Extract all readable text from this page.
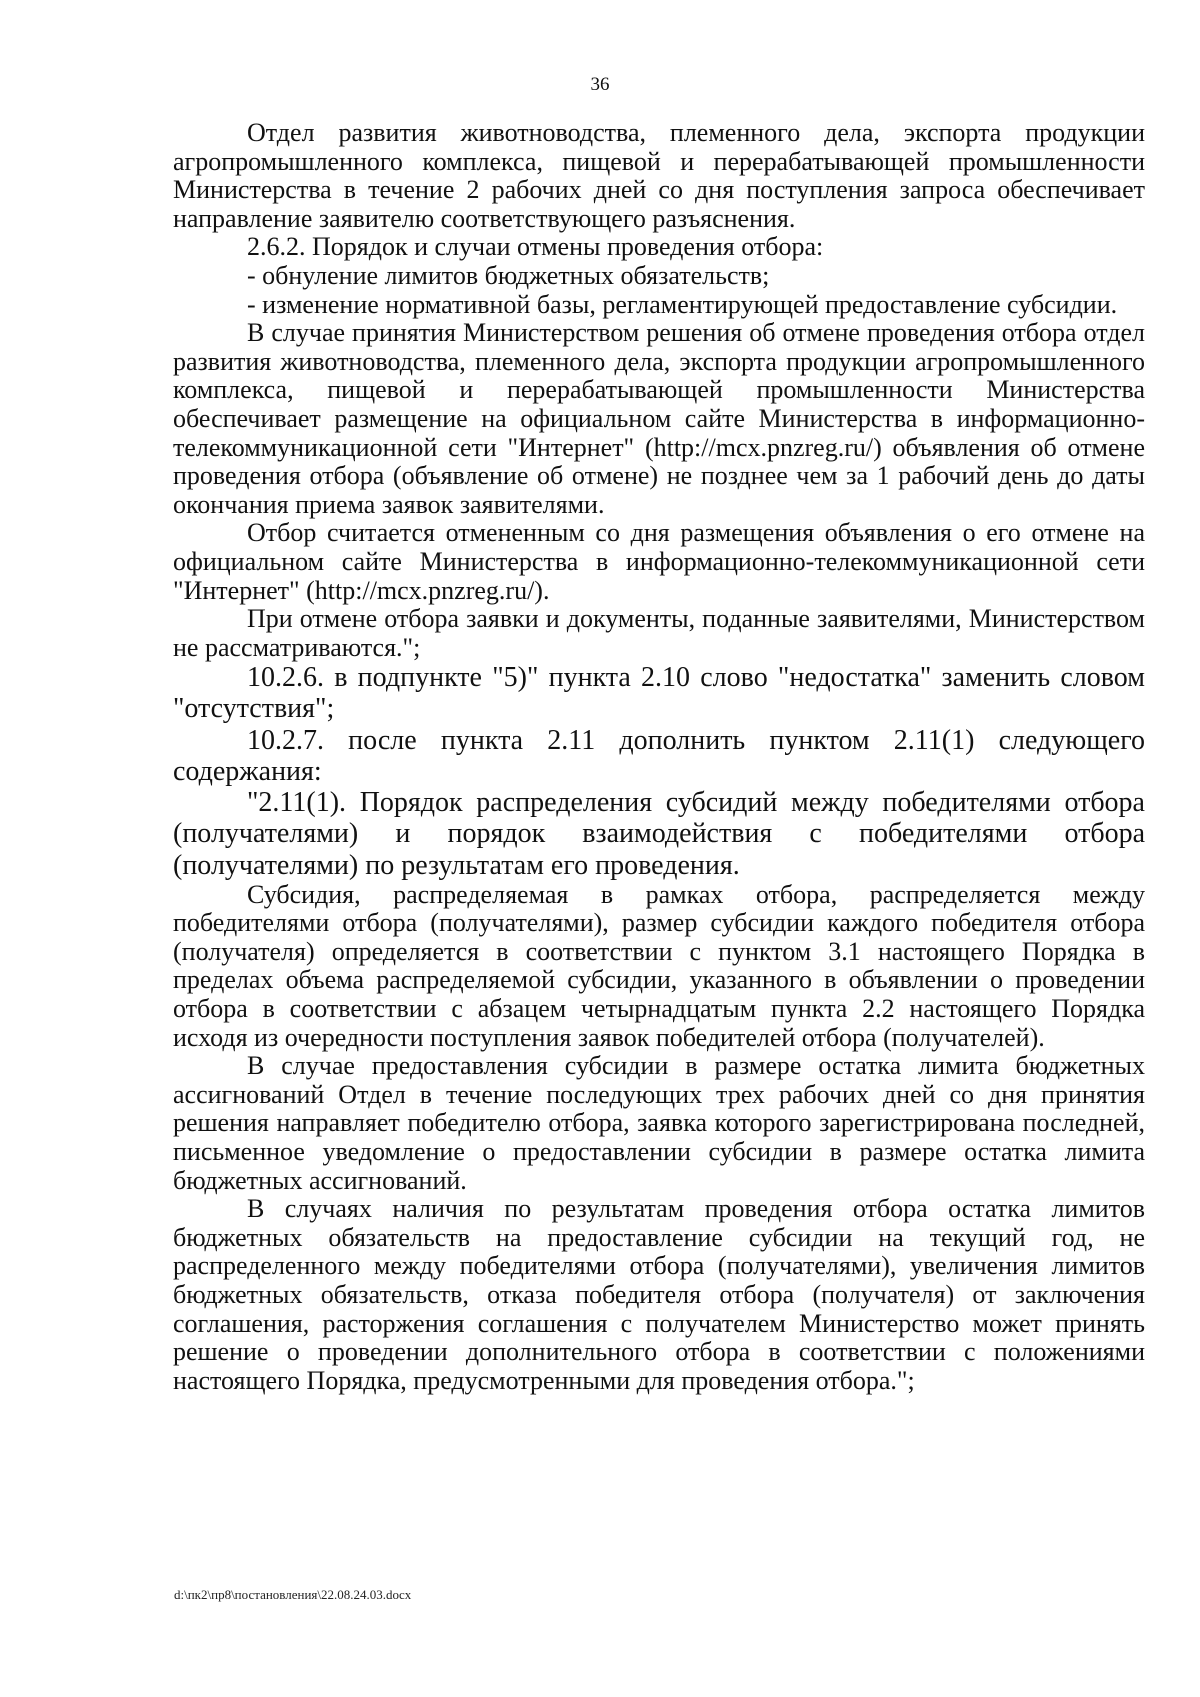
36

Отдел развития животноводства, племенного дела, экспорта продукции агропромышленного комплекса, пищевой и перерабатывающей промышленности Министерства в течение 2 рабочих дней со дня поступления запроса обеспечивает направление заявителю соответствующего разъяснения.

2.6.2. Порядок и случаи отмены проведения отбора:

- обнуление лимитов бюджетных обязательств;

- изменение нормативной базы, регламентирующей предоставление субсидии.

В случае принятия Министерством решения об отмене проведения отбора отдел развития животноводства, племенного дела, экспорта продукции агропромышленного комплекса, пищевой и перерабатывающей промышленности Министерства обеспечивает размещение на официальном сайте Министерства в информационно-телекоммуникационной сети "Интернет" (http://mcx.pnzreg.ru/) объявления об отмене проведения отбора (объявление об отмене) не позднее чем за 1 рабочий день до даты окончания приема заявок заявителями.

Отбор считается отмененным со дня размещения объявления о его отмене на официальном сайте Министерства в информационно-телекоммуникационной сети "Интернет" (http://mcx.pnzreg.ru/).

При отмене отбора заявки и документы, поданные заявителями, Министерством не рассматриваются.";

10.2.6. в подпункте "5)" пункта 2.10 слово "недостатка" заменить словом "отсутствия";

10.2.7. после пункта 2.11 дополнить пунктом 2.11(1) следующего содержания:

"2.11(1). Порядок распределения субсидий между победителями отбора (получателями) и порядок взаимодействия с победителями отбора (получателями) по результатам его проведения.

Субсидия, распределяемая в рамках отбора, распределяется между победителями отбора (получателями), размер субсидии каждого победителя отбора (получателя) определяется в соответствии с пунктом 3.1 настоящего Порядка в пределах объема распределяемой субсидии, указанного в объявлении о проведении отбора в соответствии с абзацем четырнадцатым пункта 2.2 настоящего Порядка исходя из очередности поступления заявок победителей отбора (получателей).

В случае предоставления субсидии в размере остатка лимита бюджетных ассигнований Отдел в течение последующих трех рабочих дней со дня принятия решения направляет победителю отбора, заявка которого зарегистрирована последней, письменное уведомление о предоставлении субсидии в размере остатка лимита бюджетных ассигнований.

В случаях наличия по результатам проведения отбора остатка лимитов бюджетных обязательств на предоставление субсидии на текущий год, не распределенного между победителями отбора (получателями), увеличения лимитов бюджетных обязательств, отказа победителя отбора (получателя) от заключения соглашения, расторжения соглашения с получателем Министерство может принять решение о проведении дополнительного отбора в соответствии с положениями настоящего Порядка, предусмотренными для проведения отбора.";

d:\пк2\пр8\постановления\22.08.24.03.docx
